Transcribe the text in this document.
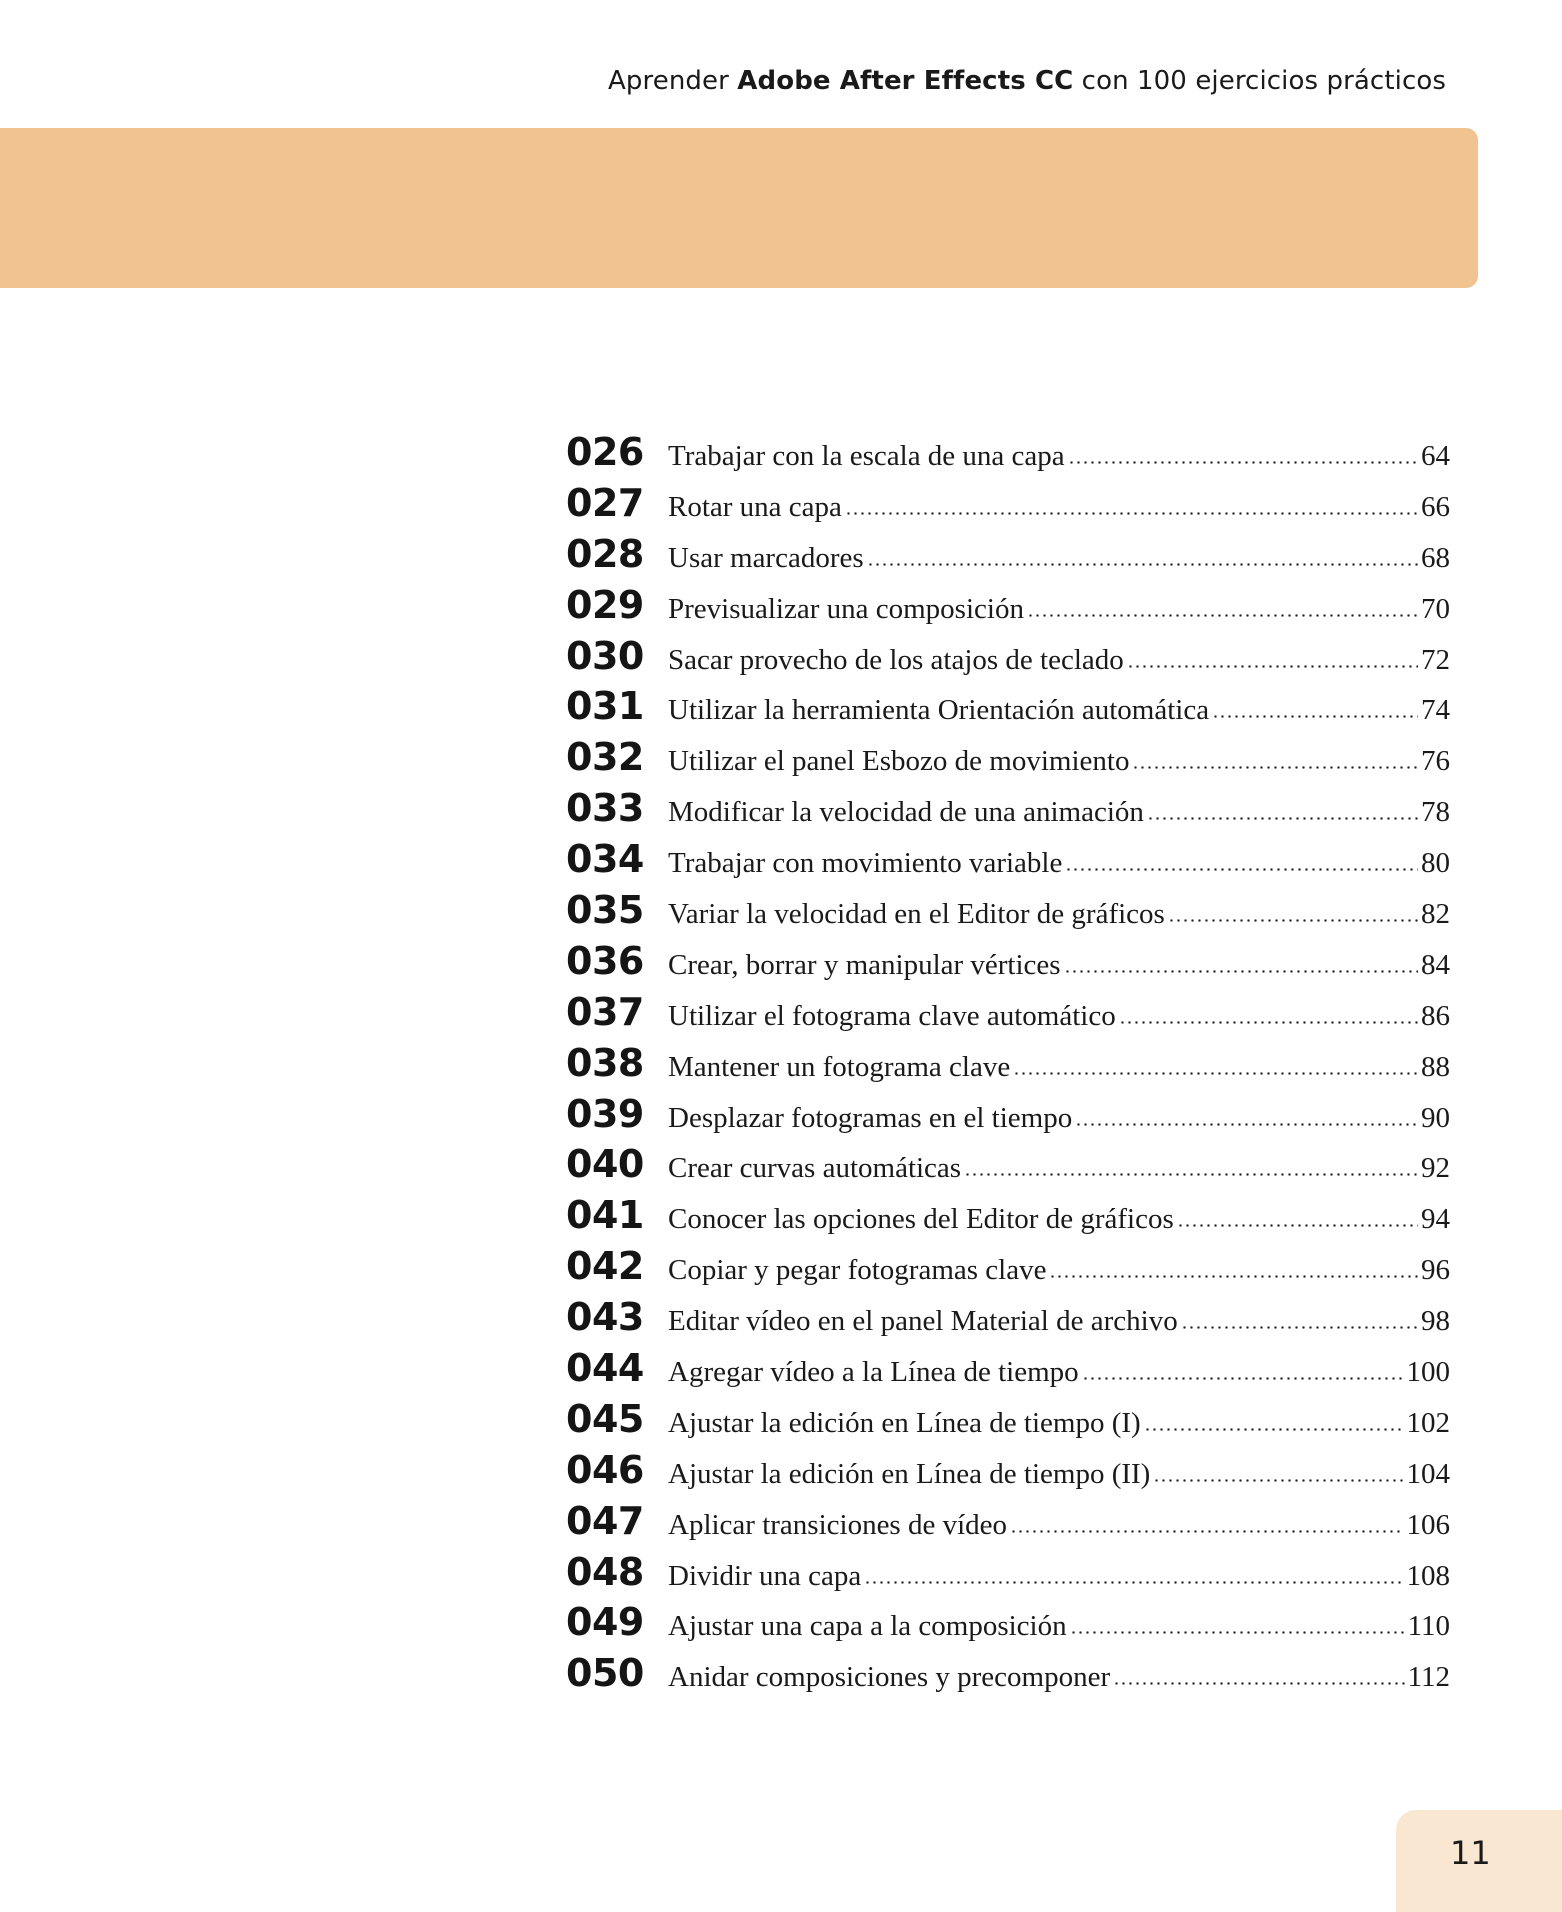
Aprender Adobe After Effects CC con 100 ejercicios prácticos
026 Trabajar con la escala de una capa	64
027 Rotar una capa	66
028 Usar marcadores	68
029 Previsualizar una composición	70
030 Sacar provecho de los atajos de teclado	72
031 Utilizar la herramienta Orientación automática	74
032 Utilizar el panel Esbozo de movimiento	76
033 Modificar la velocidad de una animación	78
034 Trabajar con movimiento variable	80
035 Variar la velocidad en el Editor de gráficos	82
036 Crear, borrar y manipular vértices	84
037 Utilizar el fotograma clave automático	86
038 Mantener un fotograma clave	88
039 Desplazar fotogramas en el tiempo	90
040 Crear curvas automáticas	92
041 Conocer las opciones del Editor de gráficos	94
042 Copiar y pegar fotogramas clave	96
043 Editar vídeo en el panel Material de archivo	98
044 Agregar vídeo a la Línea de tiempo	100
045 Ajustar la edición en Línea de tiempo (I)	102
046 Ajustar la edición en Línea de tiempo (II)	104
047 Aplicar transiciones de vídeo	106
048 Dividir una capa	108
049 Ajustar una capa a la composición	110
050 Anidar composiciones y precomponer	112
11
